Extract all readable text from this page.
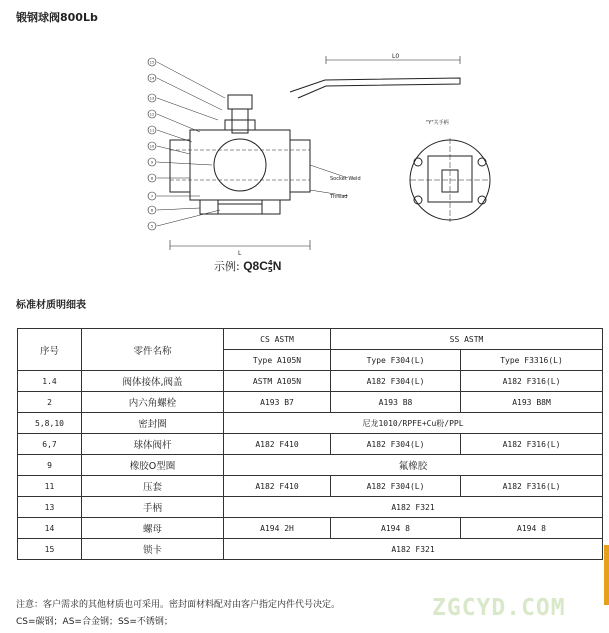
锻钢球阀800Lb
L0
Socket Weld
Thread
L
"Y"关手柄
15
14
13
12
11
10
9
8
7
6
5
示例: Q8C 4
5 N
标准材质明细表
序号	零件名称	CS ASTM	SS ASTM	
		Type A105N	Type F304(L)	Type F3316(L)
1.4	阀体接体,阀盖	ASTM A105N	A182 F304(L)	A182 F316(L)
2	内六角螺栓	A193 B7	A193 B8	A193 B8M
5,8,10	密封圈	尼龙1010/RPFE+Cu粉/PPL		
6,7	球体阀杆	A182 F410	A182 F304(L)	A182 F316(L)
9	橡胶O型圈	氟橡胶		
11	压套	A182 F410	A182 F304(L)	A182 F316(L)
13	手柄	A182 F321		
14	螺母	A194 2H	A194 8	A194 8
15	锁卡	A182 F321		
注意：客户需求的其他材质也可采用。密封面材料配对由客户指定内件代号决定。
CS=碳钢；AS=合金钢；SS=不锈钢；
ZGCYD.COM
